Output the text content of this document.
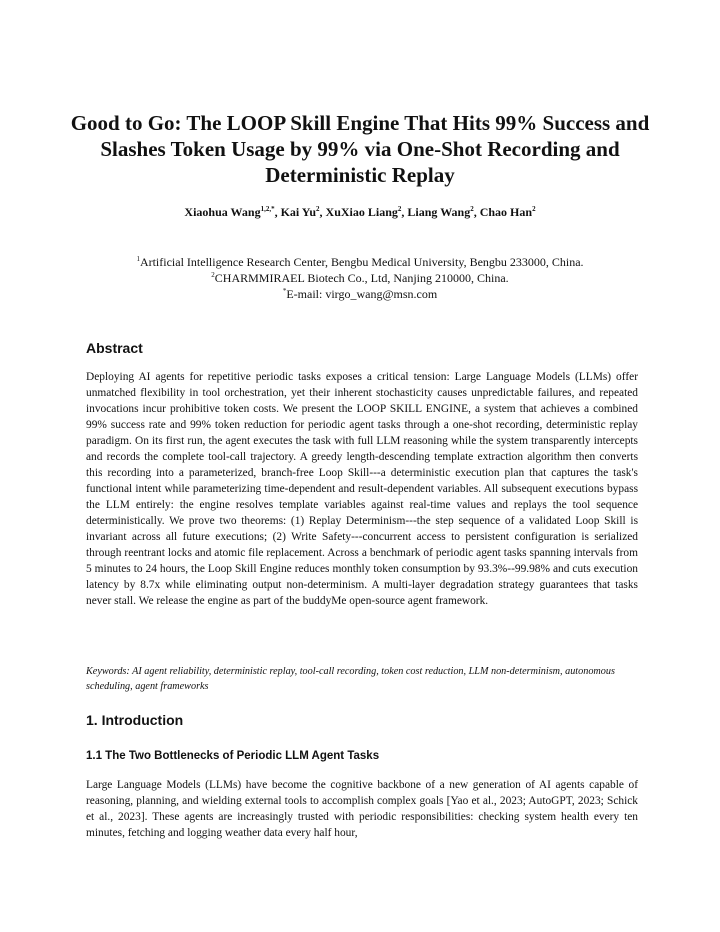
Good to Go: The LOOP Skill Engine That Hits 99% Success and Slashes Token Usage by 99% via One-Shot Recording and Deterministic Replay
Xiaohua Wang$^{1,2,*}$, Kai Yu$^2$, XuXiao Liang$^2$, Liang Wang$^2$, Chao Han$^2$
$^1$Artificial Intelligence Research Center, Bengbu Medical University, Bengbu 233000, China.
$^2$CHARMMIRAEL Biotech Co., Ltd, Nanjing 210000, China.
*E-mail: virgo_wang@msn.com
Abstract
Deploying AI agents for repetitive periodic tasks exposes a critical tension: Large Language Models (LLMs) offer unmatched flexibility in tool orchestration, yet their inherent stochasticity causes unpredictable failures, and repeated invocations incur prohibitive token costs. We present the LOOP SKILL ENGINE, a system that achieves a combined 99% success rate and 99% token reduction for periodic agent tasks through a one-shot recording, deterministic replay paradigm. On its first run, the agent executes the task with full LLM reasoning while the system transparently intercepts and records the complete tool-call trajectory. A greedy length-descending template extraction algorithm then converts this recording into a parameterized, branch-free Loop Skill---a deterministic execution plan that captures the task's functional intent while parameterizing time-dependent and result-dependent variables. All subsequent executions bypass the LLM entirely: the engine resolves template variables against real-time values and replays the tool sequence deterministically. We prove two theorems: (1) Replay Determinism---the step sequence of a validated Loop Skill is invariant across all future executions; (2) Write Safety---concurrent access to persistent configuration is serialized through reentrant locks and atomic file replacement. Across a benchmark of periodic agent tasks spanning intervals from 5 minutes to 24 hours, the Loop Skill Engine reduces monthly token consumption by 93.3%--99.98% and cuts execution latency by 8.7x while eliminating output non-determinism. A multi-layer degradation strategy guarantees that tasks never stall. We release the engine as part of the buddyMe open-source agent framework.
Keywords: AI agent reliability, deterministic replay, tool-call recording, token cost reduction, LLM non-determinism, autonomous scheduling, agent frameworks
1. Introduction
1.1 The Two Bottlenecks of Periodic LLM Agent Tasks
Large Language Models (LLMs) have become the cognitive backbone of a new generation of AI agents capable of reasoning, planning, and wielding external tools to accomplish complex goals [Yao et al., 2023; AutoGPT, 2023; Schick et al., 2023]. These agents are increasingly trusted with periodic responsibilities: checking system health every ten minutes, fetching and logging weather data every half hour,
